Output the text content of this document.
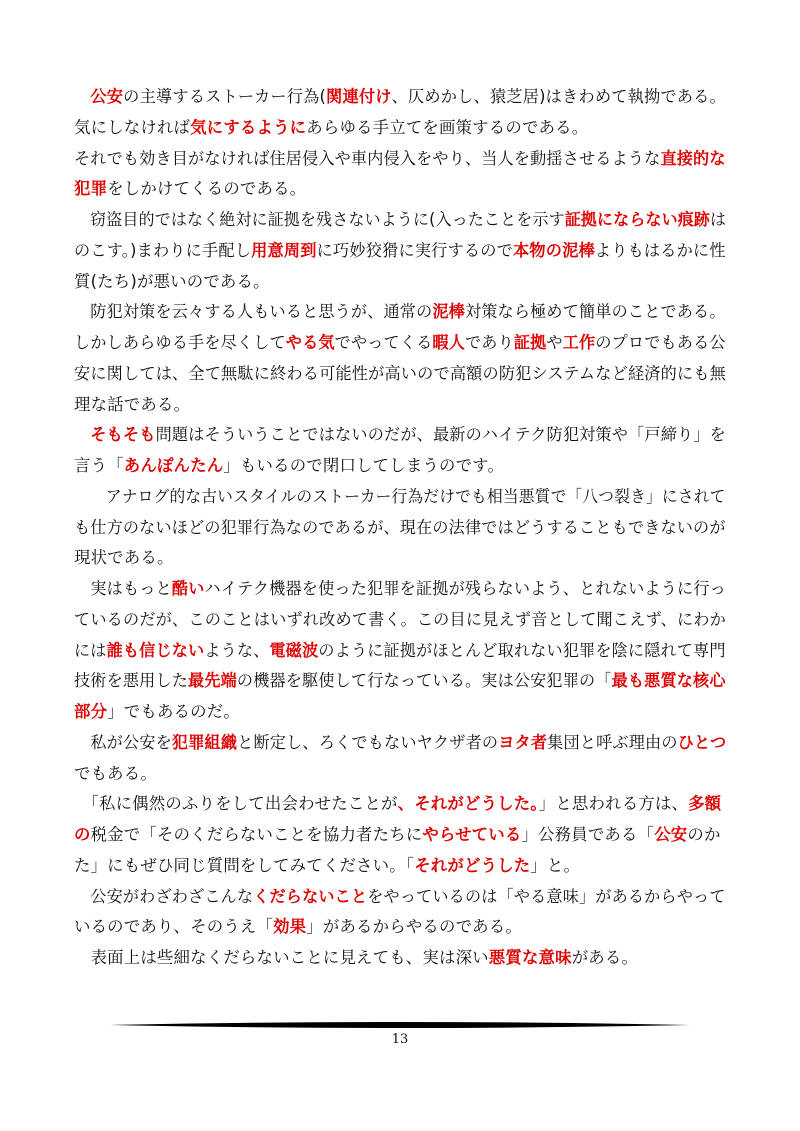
　公安の主導するストーカー行為(関連付け、仄めかし、猿芝居)はきわめて執拗である。
気にしなければ気にするようにあらゆる手立てを画策するのである。
それでも効き目がなければ住居侵入や車内侵入をやり、当人を動揺させるような直接的な
犯罪をしかけてくるのである。
　窃盗目的ではなく絶対に証拠を残さないように(入ったことを示す証拠にならない痕跡は
のこす。)まわりに手配し用意周到に巧妙狡猾に実行するので本物の泥棒よりもはるかに性
質(たち)が悪いのである。
　防犯対策を云々する人もいると思うが、通常の泥棒対策なら極めて簡単のことである。
しかしあらゆる手を尽くしてやる気でやってくる暇人であり証拠や工作のプロでもある公
安に関しては、全て無駄に終わる可能性が高いので高額の防犯システムなど経済的にも無
理な話である。
　そもそも問題はそういうことではないのだが、最新のハイテク防犯対策や「戸締り」を
言う「あんぽんたん」もいるので閉口してしまうのです。
　　アナログ的な古いスタイルのストーカー行為だけでも相当悪質で「八つ裂き」にされて
も仕方のないほどの犯罪行為なのであるが、現在の法律ではどうすることもできないのが
現状である。
　実はもっと酷いハイテク機器を使った犯罪を証拠が残らないよう、とれないように行っ
ているのだが、このことはいずれ改めて書く。この目に見えず音として聞こえず、にわか
には誰も信じないような、電磁波のように証拠がほとんど取れない犯罪を陰に隠れて専門
技術を悪用した最先端の機器を駆使して行なっている。実は公安犯罪の「最も悪質な核心
部分」でもあるのだ。
　私が公安を犯罪組織と断定し、ろくでもないヤクザ者のヨタ者集団と呼ぶ理由のひとつ
でもある。
　「私に偶然のふりをして出会わせたことが、それがどうした。」と思われる方は、多額
の税金で「そのくだらないことを協力者たちにやらせている」公務員である「公安のか
た」にもぜひ同じ質問をしてみてください。「それがどうした」と。
　公安がわざわざこんなくだらないことをやっているのは「やる意味」があるからやって
いるのであり、そのうえ「効果」があるからやるのである。
　表面上は些細なくだらないことに見えても、実は深い悪質な意味がある。
13
